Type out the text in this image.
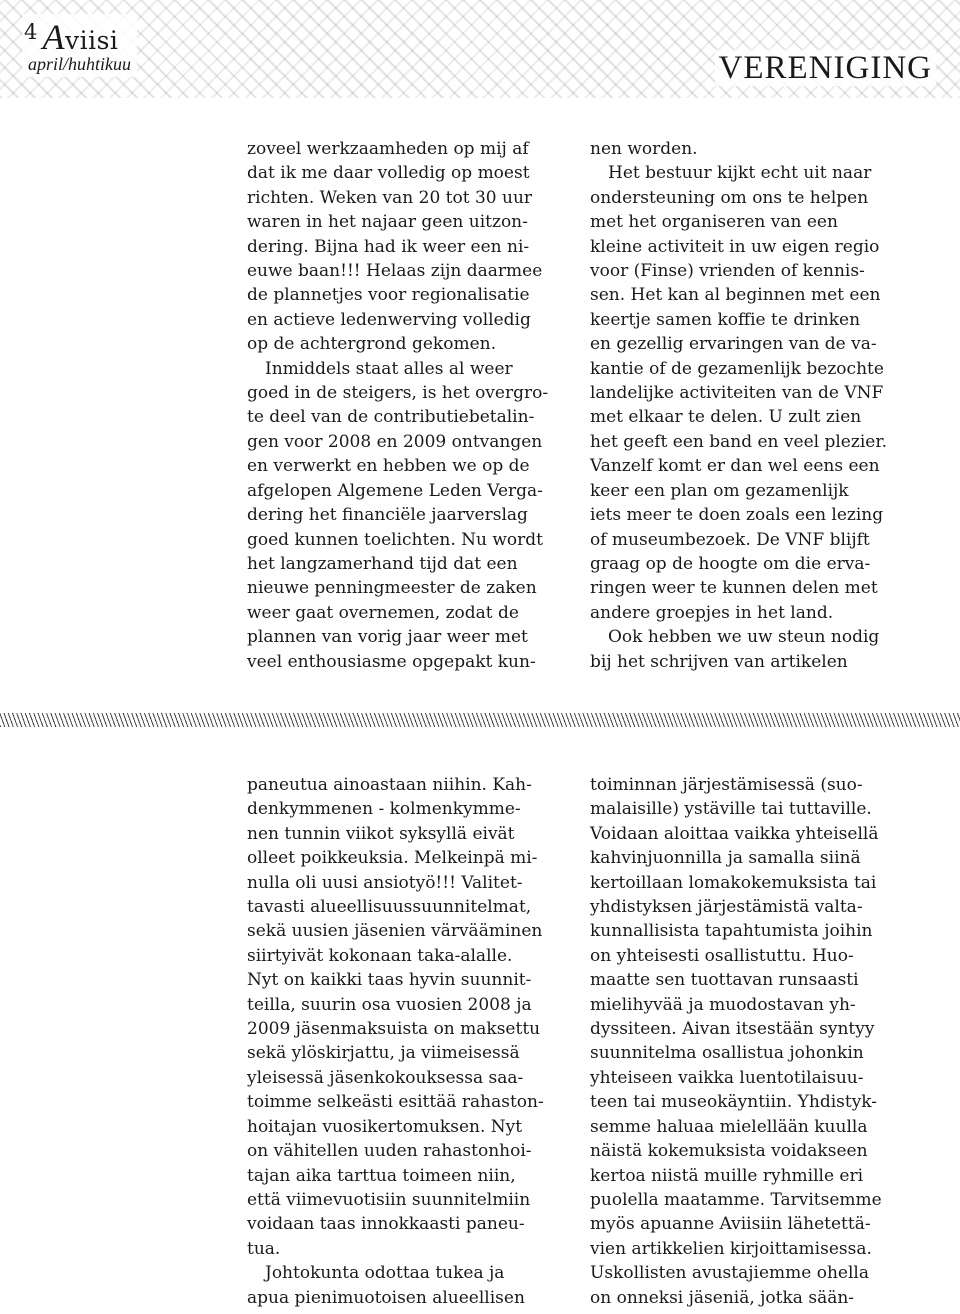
4 Aviisi
april/huhtikuu	VERENIGING

zoveel werkzaamheden op mij af
dat ik me daar volledig op moest
richten. Weken van 20 tot 30 uur
waren in het najaar geen uitzon-
dering. Bijna had ik weer een ni-
euwe baan!!! Helaas zijn daarmee
de plannetjes voor regionalisatie
en actieve ledenwerving volledig
op de achtergrond gekomen.

Inmiddels staat alles al weer
goed in de steigers, is het overgro-
te deel van de contributiebetalin-
gen voor 2008 en 2009 ontvangen
en verwerkt en hebben we op de
afgelopen Algemene Leden Verga-
dering het financiële jaarverslag
goed kunnen toelichten. Nu wordt
het langzamerhand tijd dat een
nieuwe penningmeester de zaken
weer gaat overnemen, zodat de
plannen van vorig jaar weer met
veel enthousiasme opgepakt kun-

nen worden.

Het bestuur kijkt echt uit naar
ondersteuning om ons te helpen
met het organiseren van een
kleine activiteit in uw eigen regio
voor (Finse) vrienden of kennis-
sen. Het kan al beginnen met een
keertje samen koffie te drinken
en gezellig ervaringen van de va-
kantie of de gezamenlijk bezochte
landelijke activiteiten van de VNF
met elkaar te delen. U zult zien
het geeft een band en veel plezier.
Vanzelf komt er dan wel eens een
keer een plan om gezamenlijk
iets meer te doen zoals een lezing
of museumbezoek. De VNF blijft
graag op de hoogte om die erva-
ringen weer te kunnen delen met
andere groepjes in het land.

Ook hebben we uw steun nodig
bij het schrijven van artikelen

paneutua ainoastaan niihin. Kah-
denkymmenen - kolmenkymme-
nen tunnin viikot syksyllä eivät
olleet poikkeuksia. Melkeinpä mi-
nulla oli uusi ansiotyö!!! Valitet-
tavasti alueellisuussuunnitelmat,
sekä uusien jäsenien värvääminen
siirtyivät kokonaan taka-alalle.
Nyt on kaikki taas hyvin suunnit-
teilla, suurin osa vuosien 2008 ja
2009 jäsenmaksuista on maksettu
sekä ylöskirjattu, ja viimeisessä
yleisessä jäsenkokouksessa saa-
toimme selkeästi esittää rahaston-
hoitajan vuosikertomuksen. Nyt
on vähitellen uuden rahastonhoi-
tajan aika tarttua toimeen niin,
että viimevuotisiin suunnitelmiin
voidaan taas innokkaasti paneu-
tua.

Johtokunta odottaa tukea ja
apua pienimuotoisen alueellisen

toiminnan järjestämisessä (suo-
malaisille) ystäville tai tuttaville.
Voidaan aloittaa vaikka yhteisellä
kahvinjuonnilla ja samalla siinä
kertoillaan lomakokemuksista tai
yhdistyksen järjestämistä valta-
kunnallisista tapahtumista joihin
on yhteisesti osallistuttu. Huo-
maatte sen tuottavan runsaasti
mielihyvää ja muodostavan yh-
dyssiteen. Aivan itsestään syntyy
suunnitelma osallistua johonkin
yhteiseen vaikka luentotilaisuu-
teen tai museokäyntiin. Yhdistyk-
semme haluaa mielellään kuulla
näistä kokemuksista voidakseen
kertoa niistä muille ryhmille eri
puolella maatamme. Tarvitsemme
myös apuanne Aviisiin lähetettä-
vien artikkelien kirjoittamisessa.
Uskollisten avustajiemme ohella
on onneksi jäseniä, jotka sään-
